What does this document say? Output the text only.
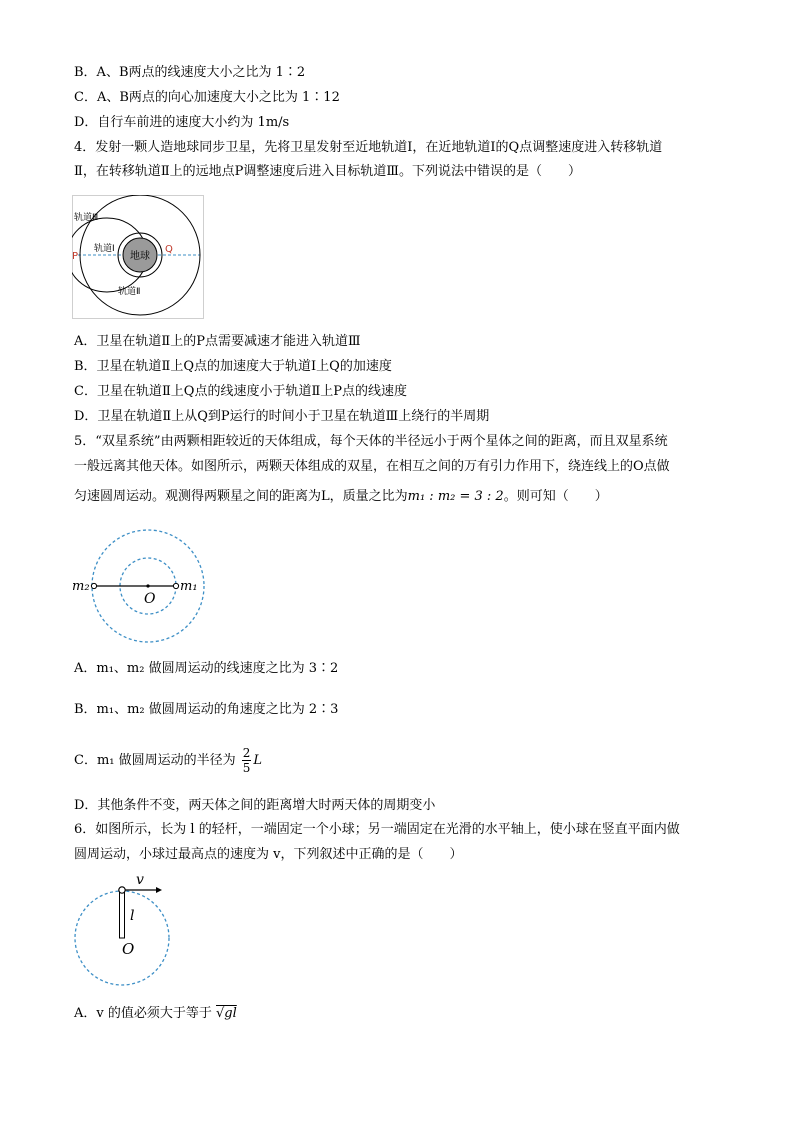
B．A、B两点的线速度大小之比为 1∶2
C．A、B两点的向心加速度大小之比为 1∶12
D．自行车前进的速度大小约为 1m/s
4．发射一颗人造地球同步卫星，先将卫星发射至近地轨道Ⅰ，在近地轨道Ⅰ的Q点调整速度进入转移轨道
Ⅱ，在转移轨道Ⅱ上的远地点P调整速度后进入目标轨道Ⅲ。下列说法中错误的是（　　）
地球
轨道Ⅲ
轨道Ⅰ
轨道Ⅱ
P
Q
A．卫星在轨道Ⅱ上的P点需要减速才能进入轨道Ⅲ
B．卫星在轨道Ⅱ上Q点的加速度大于轨道Ⅰ上Q的加速度
C．卫星在轨道Ⅱ上Q点的线速度小于轨道Ⅱ上P点的线速度
D．卫星在轨道Ⅱ上从Q到P运行的时间小于卫星在轨道Ⅲ上绕行的半周期
5．“双星系统”由两颗相距较近的天体组成，每个天体的半径远小于两个星体之间的距离，而且双星系统
一般远离其他天体。如图所示，两颗天体组成的双星，在相互之间的万有引力作用下，绕连线上的O点做
匀速圆周运动。观测得两颗星之间的距离为L，质量之比为m₁ : m₂ = 3 : 2。则可知（　　）
m₂	m₁
O
A．m₁、m₂ 做圆周运动的线速度之比为 3∶2
B．m₁、m₂ 做圆周运动的角速度之比为 2∶3
C．m₁ 做圆周运动的半径为 $\frac{2}{5}$ L
D．其他条件不变，两天体之间的距离增大时两天体的周期变小
6．如图所示，长为 l 的轻杆，一端固定一个小球；另一端固定在光滑的水平轴上，使小球在竖直平面内做
圆周运动，小球过最高点的速度为 v，下列叙述中正确的是（　　）
v
l
O
A．v 的值必须大于等于 √gl
